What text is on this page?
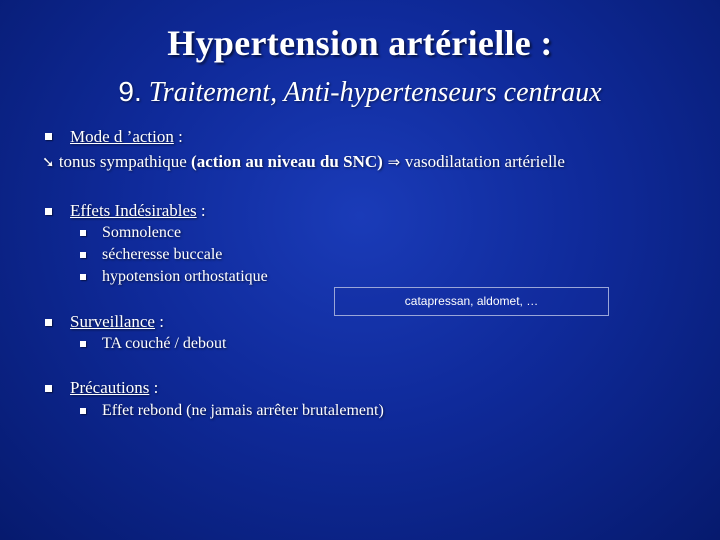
Hypertension artérielle :
9. Traitement, Anti-hypertenseurs centraux
Mode d ’action :
➘ tonus sympathique (action au niveau du SNC) ⇒ vasodilatation artérielle
Effets Indésirables :
Somnolence
sécheresse buccale
hypotension orthostatique
catapressan, aldomet, …
Surveillance :
TA couché / debout
Précautions :
Effet rebond (ne jamais arrêter brutalement)
